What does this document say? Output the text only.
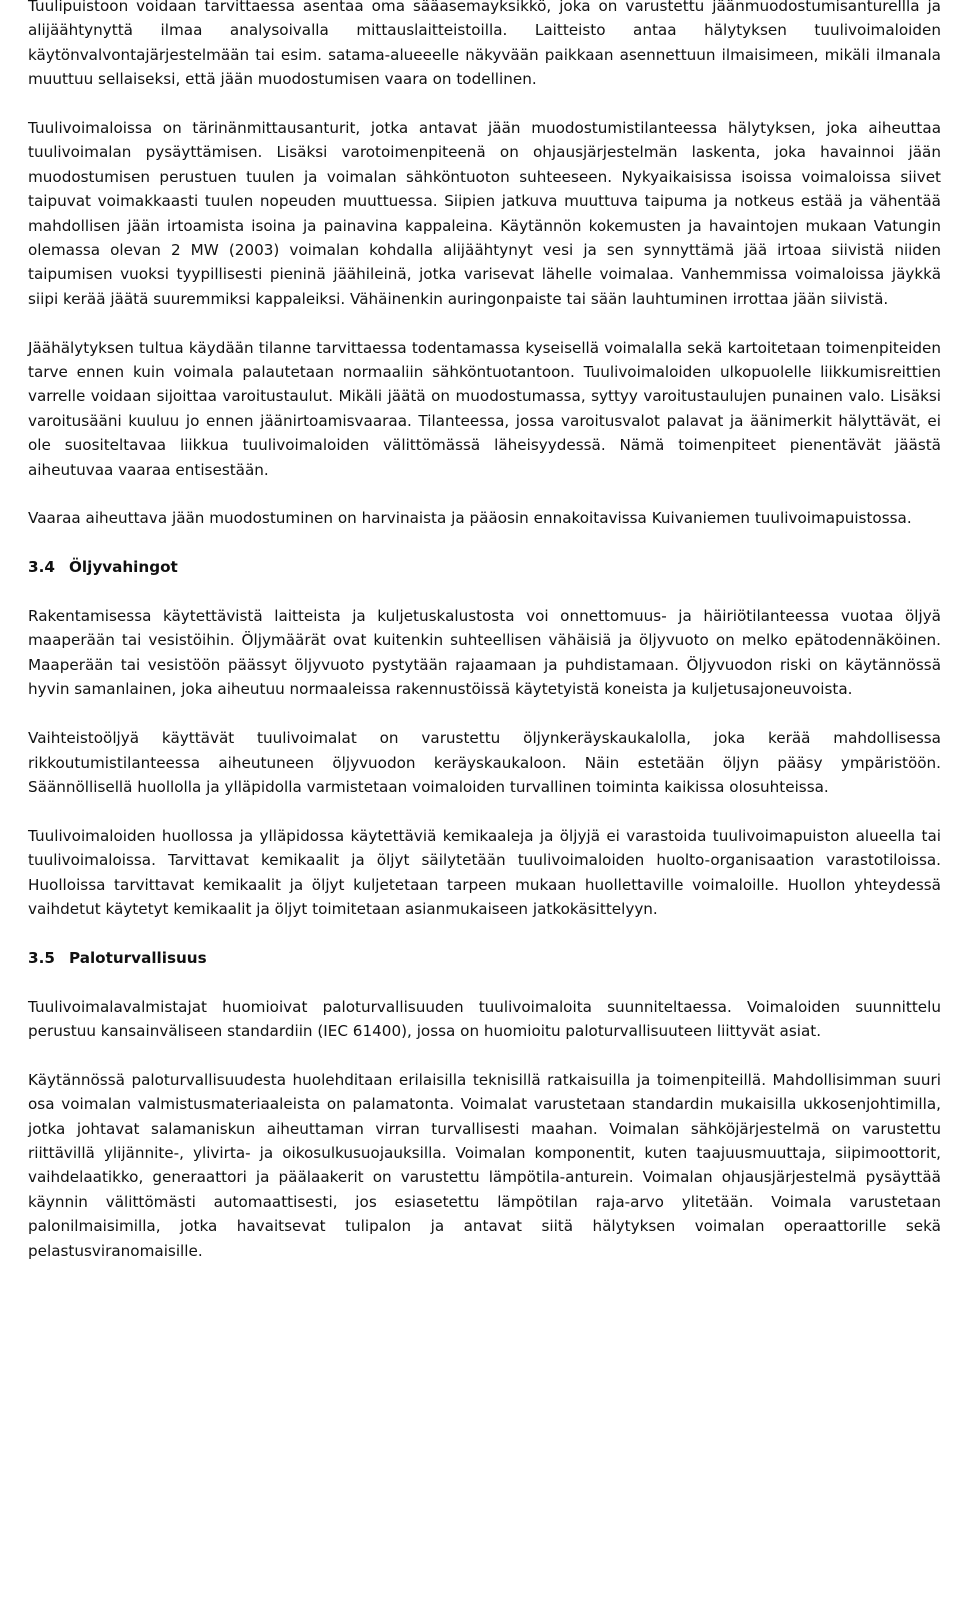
Tuulipuistoon voidaan tarvittaessa asentaa oma sääasemayksikkö, joka on varustettu jäänmuodostumisanturellla ja alijäähtynyttä ilmaa analysoivalla mittauslaitteistoilla. Laitteisto antaa hälytyksen tuulivoimaloiden käytönvalvontajärjestelmään tai esim. satama-alueeelle näkyvään paikkaan asennettuun ilmaisimeen, mikäli ilmanala muuttuu sellaiseksi, että jään muodostumisen vaara on todellinen.

Tuulivoimaloissa on tärinänmittausanturit, jotka antavat jään muodostumistilanteessa hälytyksen, joka aiheuttaa tuulivoimalan pysäyttämisen. Lisäksi varotoimenpiteenä on ohjausjärjestelmän laskenta, joka havainnoi jään muodostumisen perustuen tuulen ja voimalan sähköntuoton suhteeseen. Nykyaikaisissa isoissa voimaloissa siivet taipuvat voimakkaasti tuulen nopeuden muuttuessa. Siipien jatkuva muuttuva taipuma ja notkeus estää ja vähentää mahdollisen jään irtoamista isoina ja painavina kappaleina. Käytännön kokemusten ja havaintojen mukaan Vatungin olemassa olevan 2 MW (2003) voimalan kohdalla alijäähtynyt vesi ja sen synnyttämä jää irtoaa siivistä niiden taipumisen vuoksi tyypillisesti pieninä jäähileinä, jotka varisevat lähelle voimalaa. Vanhemmissa voimaloissa jäykkä siipi kerää jäätä suuremmiksi kappaleiksi. Vähäinenkin auringonpaiste tai sään lauhtuminen irrottaa jään siivistä.

Jäähälytyksen tultua käydään tilanne tarvittaessa todentamassa kyseisellä voimalalla sekä kartoitetaan toimenpiteiden tarve ennen kuin voimala palautetaan normaaliin sähköntuotantoon. Tuulivoimaloiden ulkopuolelle liikkumisreittien varrelle voidaan sijoittaa varoitustaulut. Mikäli jäätä on muodostumassa, syttyy varoitustaulujen punainen valo. Lisäksi varoitusääni kuuluu jo ennen jäänirtoamisvaaraa. Tilanteessa, jossa varoitusvalot palavat ja äänimerkit hälyttävät, ei ole suositeltavaa liikkua tuulivoimaloiden välittömässä läheisyydessä. Nämä toimenpiteet pienentävät jäästä aiheutuvaa vaaraa entisestään.

Vaaraa aiheuttava jään muodostuminen on harvinaista ja pääosin ennakoitavissa Kuivaniemen tuulivoimapuistossa.

3.4 Öljyvahingot

Rakentamisessa käytettävistä laitteista ja kuljetuskalustosta voi onnettomuus- ja häiriötilanteessa vuotaa öljyä maaperään tai vesistöihin. Öljymäärät ovat kuitenkin suhteellisen vähäisiä ja öljyvuoto on melko epätodennäköinen. Maaperään tai vesistöön päässyt öljyvuoto pystytään rajaamaan ja puhdistamaan. Öljyvuodon riski on käytännössä hyvin samanlainen, joka aiheutuu normaaleissa rakennustöissä käytetyistä koneista ja kuljetusajoneuvoista.

Vaihteistoöljyä käyttävät tuulivoimalat on varustettu öljynkeräyskaukalolla, joka kerää mahdollisessa rikkoutumistilanteessa aiheutuneen öljyvuodon keräyskaukaloon. Näin estetään öljyn pääsy ympäristöön. Säännöllisellä huollolla ja ylläpidolla varmistetaan voimaloiden turvallinen toiminta kaikissa olosuhteissa.

Tuulivoimaloiden huollossa ja ylläpidossa käytettäviä kemikaaleja ja öljyjä ei varastoida tuulivoimapuiston alueella tai tuulivoimaloissa. Tarvittavat kemikaalit ja öljyt säilytetään tuulivoimaloiden huolto-organisaation varastotiloissa. Huolloissa tarvittavat kemikaalit ja öljyt kuljetetaan tarpeen mukaan huollettaville voimaloille. Huollon yhteydessä vaihdetut käytetyt kemikaalit ja öljyt toimitetaan asianmukaiseen jatkokäsittelyyn.

3.5 Paloturvallisuus

Tuulivoimalavalmistajat huomioivat paloturvallisuuden tuulivoimaloita suunniteltaessa. Voimaloiden suunnittelu perustuu kansainväliseen standardiin (IEC 61400), jossa on huomioitu paloturvallisuuteen liittyvät asiat.

Käytännössä paloturvallisuudesta huolehditaan erilaisilla teknisillä ratkaisuilla ja toimenpiteillä. Mahdollisimman suuri osa voimalan valmistusmateriaaleista on palamatonta. Voimalat varustetaan standardin mukaisilla ukkosenjohtimilla, jotka johtavat salamaniskun aiheuttaman virran turvallisesti maahan. Voimalan sähköjärjestelmä on varustettu riittävillä ylijännite-, ylivirta- ja oikosulkusuojauksilla. Voimalan komponentit, kuten taajuusmuuttaja, siipimoottorit, vaihdelaatikko, generaattori ja päälaakerit on varustettu lämpötila-anturein. Voimalan ohjausjärjestelmä pysäyttää käynnin välittömästi automaattisesti, jos esiasetettu lämpötilan raja-arvo ylitetään. Voimala varustetaan palonilmaisimilla, jotka havaitsevat tulipalon ja antavat siitä hälytyksen voimalan operaattorille sekä pelastusviranomaisille.
